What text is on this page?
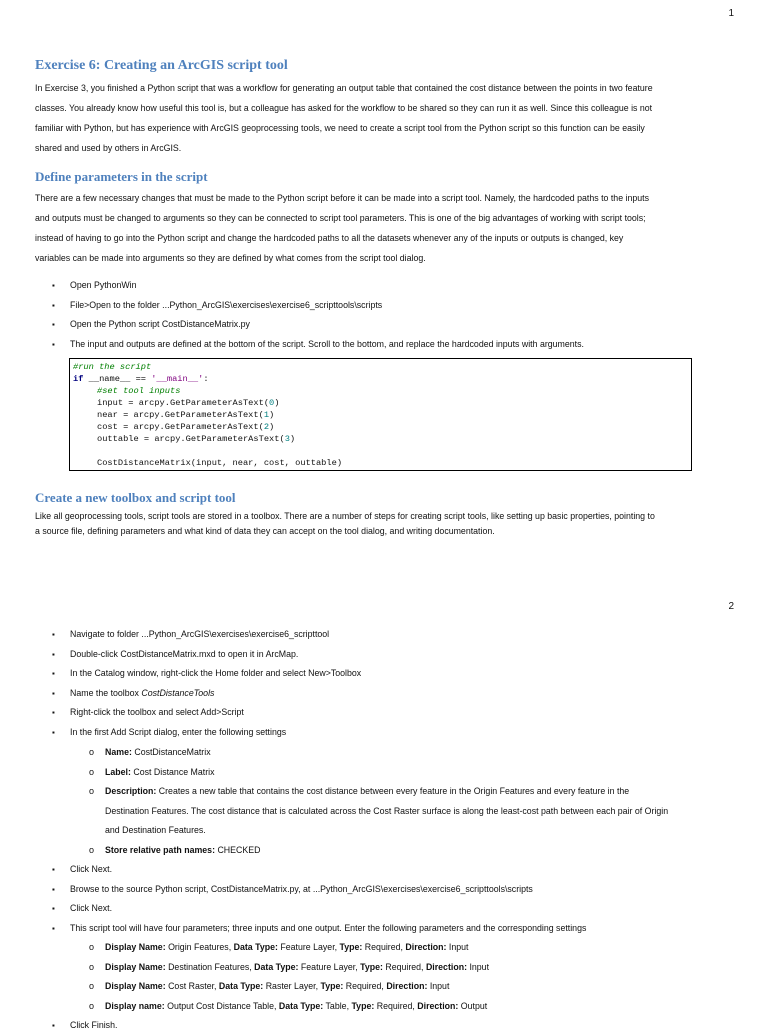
1
Exercise 6: Creating an ArcGIS script tool
In Exercise 3, you finished a Python script that was a workflow for generating an output table that contained the cost distance between the points in two feature
classes. You already know how useful this tool is, but a colleague has asked for the workflow to be shared so they can run it as well. Since this colleague is not
familiar with Python, but has experience with ArcGIS geoprocessing tools, we need to create a script tool from the Python script so this function can be easily
shared and used by others in ArcGIS.
Define parameters in the script
There are a few necessary changes that must be made to the Python script before it can be made into a script tool. Namely, the hardcoded paths to the inputs
and outputs must be changed to arguments so they can be connected to script tool parameters. This is one of the big advantages of working with script tools;
instead of having to go into the Python script and change the hardcoded paths to all the datasets whenever any of the inputs or outputs is changed, key
variables can be made into arguments so they are defined by what comes from the script tool dialog.
▪ Open PythonWin
▪ File>Open to the folder ...Python_ArcGIS\exercises\exercise6_scripttools\scripts
▪ Open the Python script CostDistanceMatrix.py
▪ The input and outputs are defined at the bottom of the script. Scroll to the bottom, and replace the hardcoded inputs with arguments.
#run the script
if __name__ == '__main__':
#set tool inputs
input = arcpy.GetParameterAsText(0)
near = arcpy.GetParameterAsText(1)
cost = arcpy.GetParameterAsText(2)
outtable = arcpy.GetParameterAsText(3)
CostDistanceMatrix(input, near, cost, outtable)
Create a new toolbox and script tool
Like all geoprocessing tools, script tools are stored in a toolbox. There are a number of steps for creating script tools, like setting up basic properties, pointing to
a source file, defining parameters and what kind of data they can accept on the tool dialog, and writing documentation.
2
▪ Navigate to folder ...Python_ArcGIS\exercises\exercise6_scripttool
▪ Double-click CostDistanceMatrix.mxd to open it in ArcMap.
▪ In the Catalog window, right-click the Home folder and select New>Toolbox
▪ Name the toolbox CostDistanceTools
▪ Right-click the toolbox and select Add>Script
▪ In the first Add Script dialog, enter the following settings
o Name: CostDistanceMatrix
o Label: Cost Distance Matrix
o Description: Creates a new table that contains the cost distance between every feature in the Origin Features and every feature in the
Destination Features. The cost distance that is calculated across the Cost Raster surface is along the least-cost path between each pair of Origin
and Destination Features.
o Store relative path names: CHECKED
▪ Click Next.
▪ Browse to the source Python script, CostDistanceMatrix.py, at ...Python_ArcGIS\exercises\exercise6_scripttools\scripts
▪ Click Next.
▪ This script tool will have four parameters; three inputs and one output. Enter the following parameters and the corresponding settings
o Display Name: Origin Features, Data Type: Feature Layer, Type: Required, Direction: Input
o Display Name: Destination Features, Data Type: Feature Layer, Type: Required, Direction: Input
o Display Name: Cost Raster, Data Type: Raster Layer, Type: Required, Direction: Input
o Display name: Output Cost Distance Table, Data Type: Table, Type: Required, Direction: Output
▪ Click Finish.
